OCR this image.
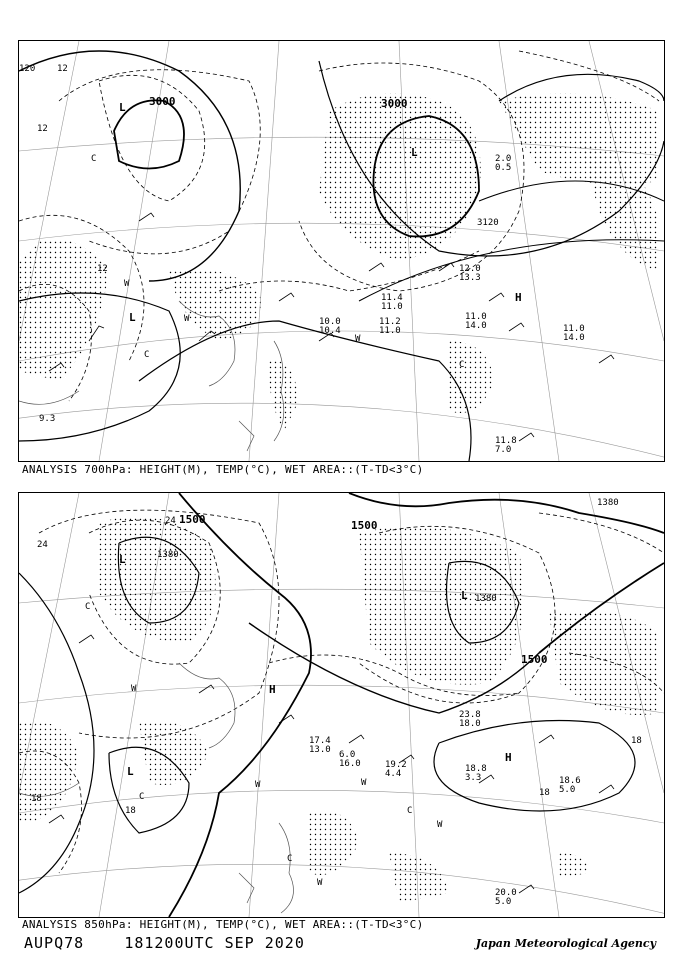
3000	3000
3120
120 12
12
12
L
L
L
H
C
C
C
W
W
W
11.0
14.0	11.0
14.0
11.4
11.0
11.2
11.0
10.0
10.4
11.8
7.0
12.0
13.3
2.0
0.5
9.3
ANALYSIS 700hPa: HEIGHT(M), TEMP(°C), WET AREA::(T-TD<3°C)
1500	1500
1500
1380
1380
1380
24
24
18
18
18
18
L
L
L
H
H
C
C
C
C
W
W	W
W
W
18.8
3.3	18.6
5.0
20.0
5.0
23.8
18.0
19.2
4.4
17.4
13.0 6.0
16.0
ANALYSIS 850hPa: HEIGHT(M), TEMP(°C), WET AREA::(T-TD<3°C)
AUPQ78	181200UTC SEP 2020	Japan Meteorological Agency
